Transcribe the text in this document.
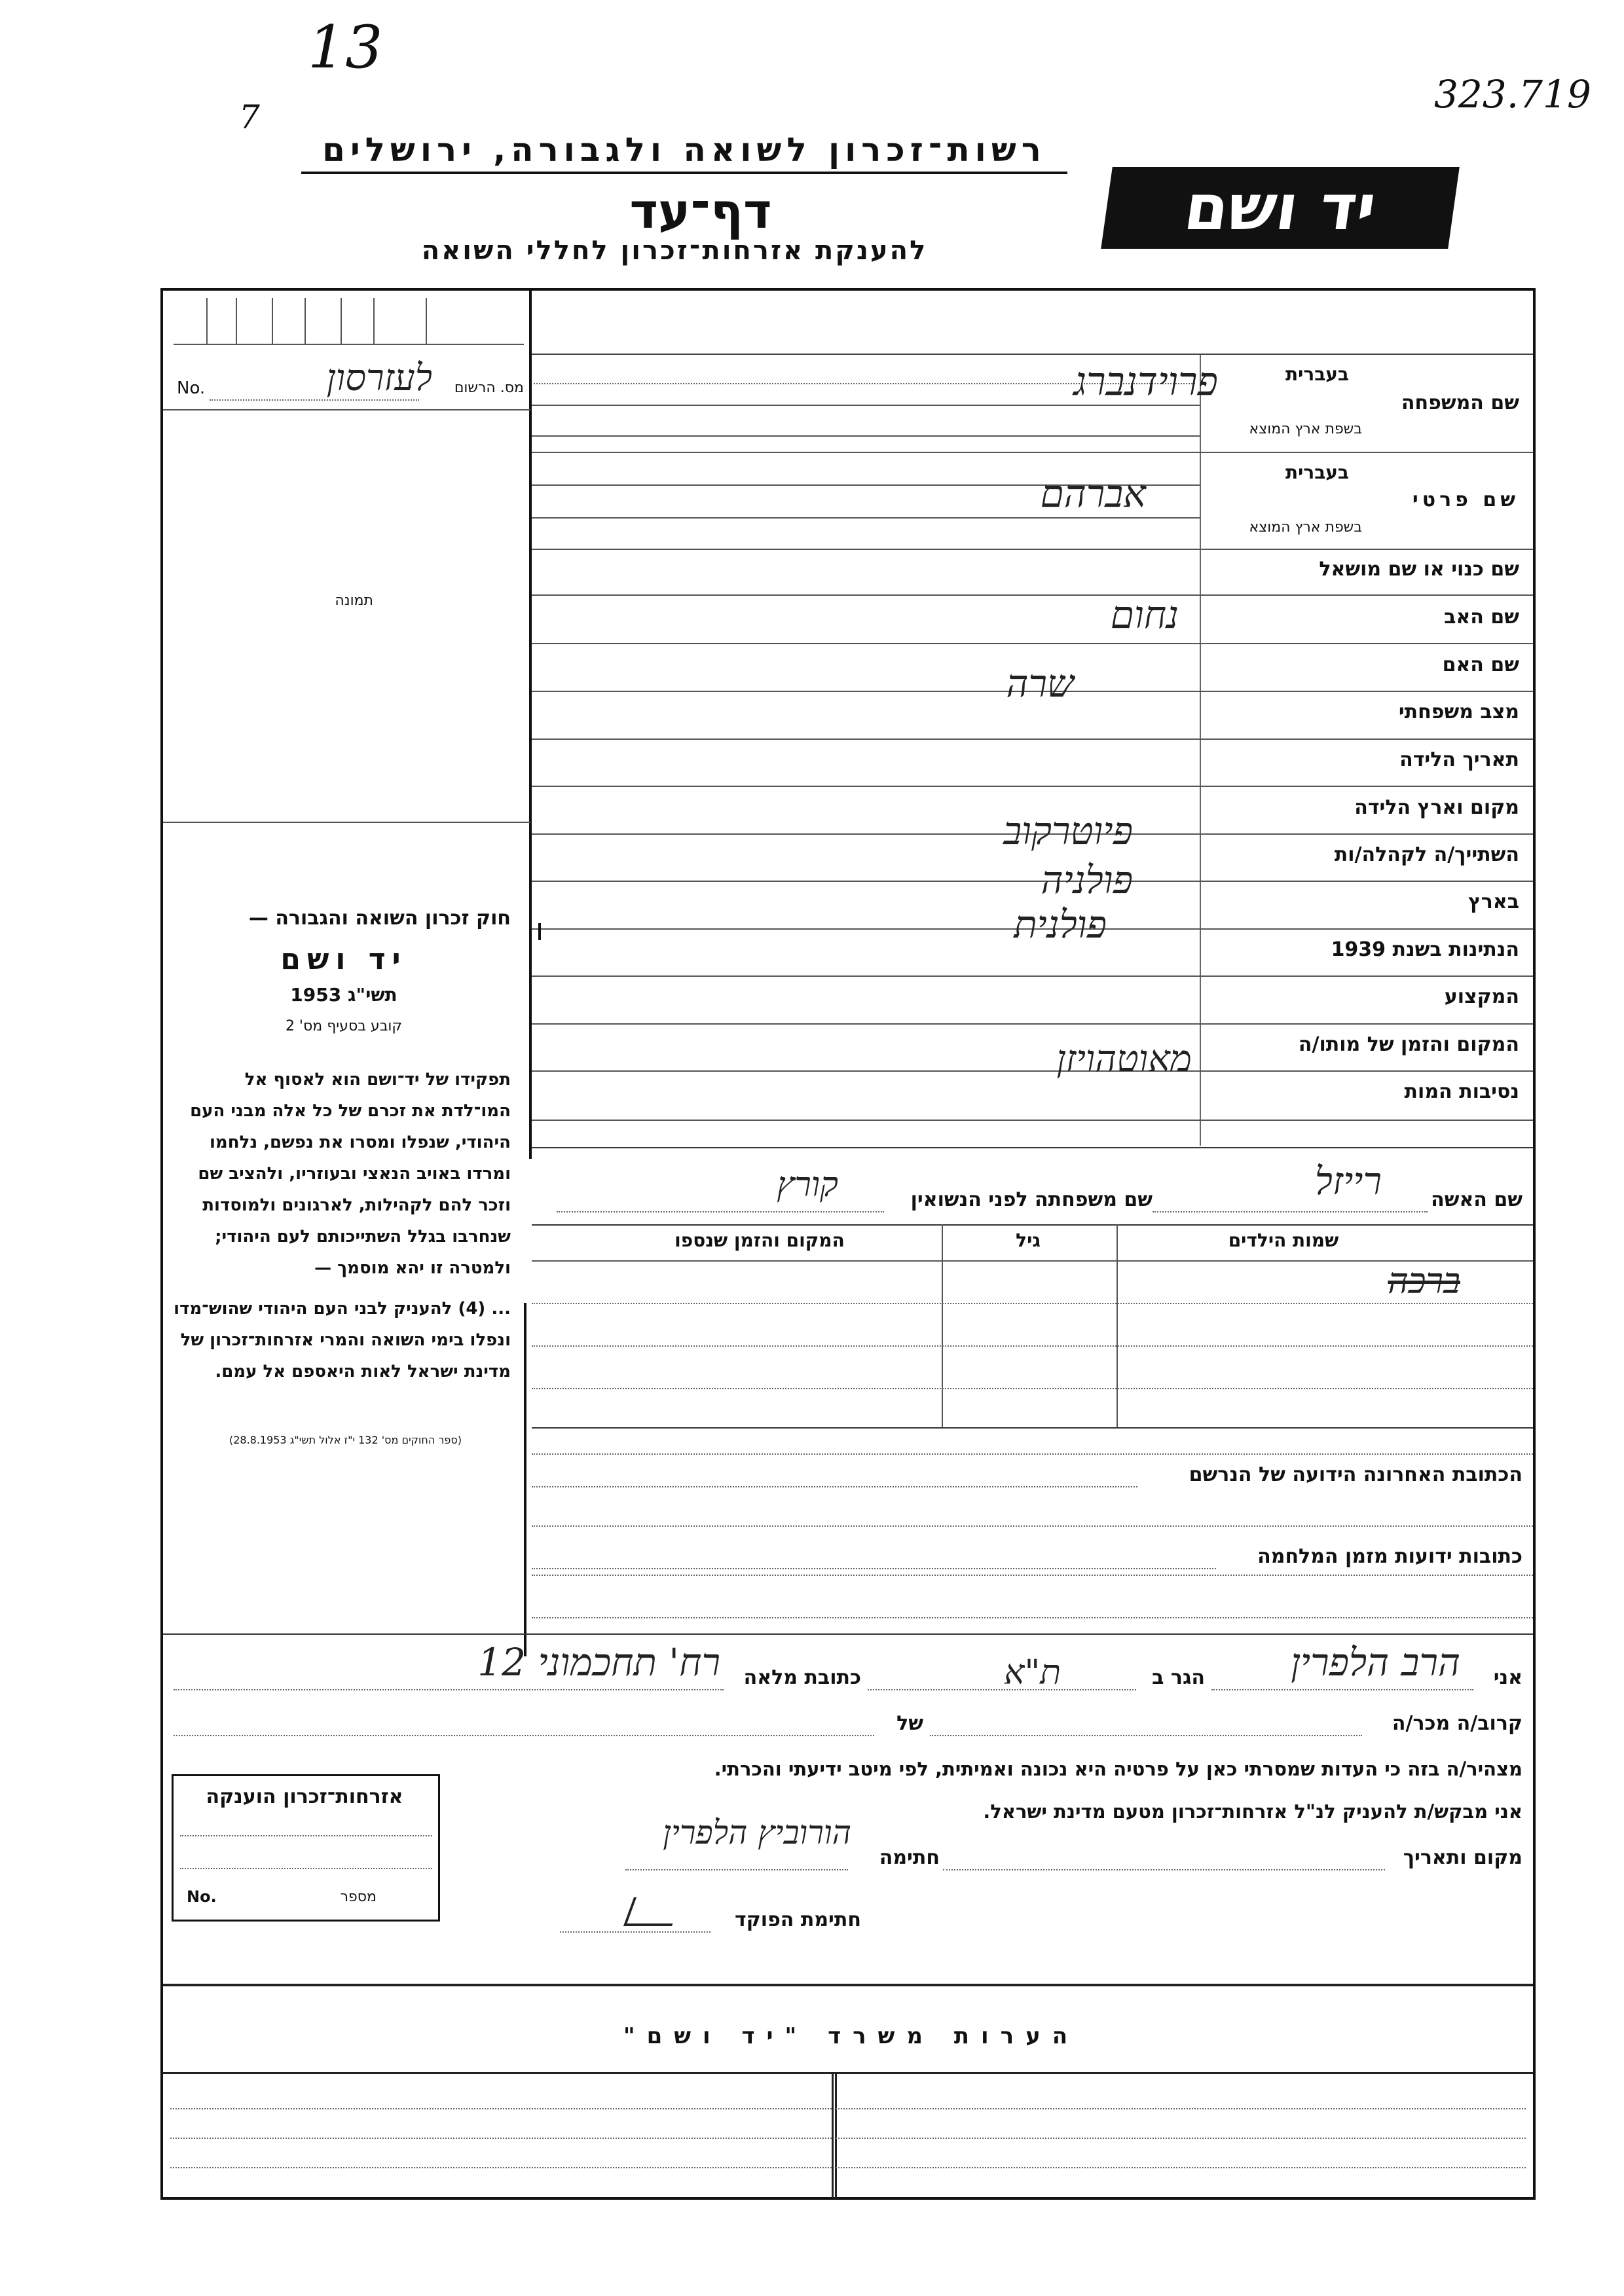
13
7
323.719
רשות־זכרון לשואה ולגבורה, ירושלים
דף־עד
להענקת אזרחות־זכרון לחללי השואה
יד ושם
מס. הרשום
No.	לעזרסון
תמונה
חוק זכרון השואה והגבורה —
יד ושם
תשי"ג 1953
קובע בסעיף מס' 2
תפקידו של יד־ושם הוא לאסוף אל המו־לדת את זכרם של כל אלה מבני העם היהודי, שנפלו ומסרו את נפשם, נלחמו ומרדו באויב הנאצי ובעוזריו, ולהציב שם וזכר להם לקהילות, לארגונים ולמוסדות שנחרבו בגלל השתייכותם לעם היהודי; ולמטרה זו יהא מוסמך —
... (4) להעניק לבני העם היהודי שהוש־מדו ונפלו בימי השואה והמרי אזרחות־זכרון של מדינת ישראל לאות היאספם אל עמם.
(ספר החוקים מס' 132 י"ז אלול תשי"ג 28.8.1953)
בעברית
שם המשפחה
בשפת ארץ המוצא
פרוידנברג
בעברית
שם פרטי
בשפת ארץ המוצא
אברהם
שם כנוי או שם מושאל
שם האב
נחום
שם האם
שרה
מצב משפחתי
תאריך הלידה
מקום וארץ הלידה
השתייך/ה לקהלה/ות
פיוטרקוב
בארץ
פולניה
הנתינות בשנת 1939
פולנית
המקצוע
המקום והזמן של מותו/ה
מאוטהויזן
נסיבות המות
שם האשה
רייזל
שם משפחתה לפני הנשואין
קורץ
שמות הילדים
גיל
המקום והזמן שנספו
ברכה
הכתובת האחרונה הידועה של הנרשם
כתובות ידועות מזמן המלחמה
אני
הרב הלפרין
הגר ב
ת"א
כתובת מלאה
רח' תחכמוני 12
קרוב/ה מכר/ה
של
מצהיר/ה בזה כי העדות שמסרתי כאן על פרטיה היא נכונה ואמיתית, לפי מיטב ידיעתי והכרתי.
אני מבקש/ת להעניק לנ"ל אזרחות־זכרון מטעם מדינת ישראל.
מקום ותאריך
חתימה
הורוביץ הלפרין
חתימת הפוקד
אזרחות־זכרון הוענקה
מספר
No.
הערות משרד "יד ושם"
